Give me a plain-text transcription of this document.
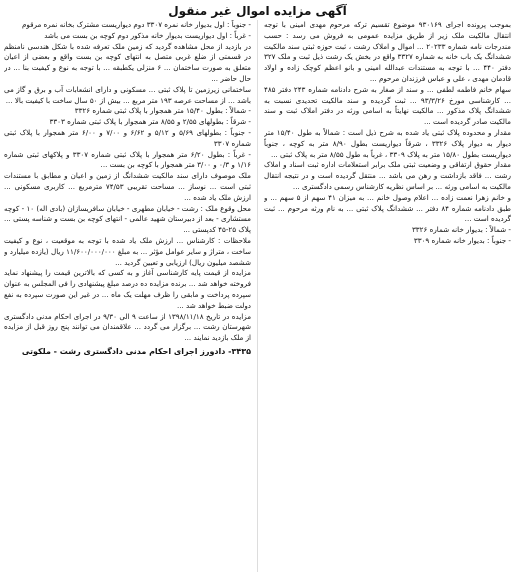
آگهی مزایده اموال غیر منقول

بموجب پرونده اجرای ۹۳۰۱۶۹ موضوع تقسیم ترکه مرحوم مهدی امینی با توجه انتقال مالکیت ملک زیر از طریق مزایده عمومی به فروش می رسد : حسب مندرجات نامه شماره ۲۰۲۳۳ ... اموال و املاک رشت ، ثبت حوزه ثبتی سند مالکیت ششدانگ یک باب خانه به شماره ۳۳۲۷ واقع در بخش یک رشت ذیل ثبت و ملک ۳۲۷ دفتر ۴۴۰ ... با توجه به مستندات عبدالله امینی و بانو اعظم کوچک زاده و اولاد قادمان مهدی ، علی و عباس فرزندان مرحوم ...

سهام خانم فاطمه لطفی ... و سند از صغار به شرح دادنامه شماره ۲۴۳ دفتر ۴۸۵ ... کارشناسی مورخ ۹۳/۳/۲۶ ... ثبت گردیده و سند مالکیت تحدیدی نسبت به ششدانگ پلاک مذکور ... مالکیت نهایتاً به اسامی ورثه در دفتر املاک ثبت و سند مالکیت صادر گردیده است ...

مقدار و محدوده پلاک ثبتی یاد شده به شرح ذیل است : شمالاً به طول ۱۵/۴۰ متر دیوار به دیوار پلاک ۳۳۲۶ ، شرقاً دیواریست بطول ۸/۹۰ متر به کوچه ، جنوباً دیواریست بطول ۱۵/۸۰ متر به پلاک ۳۳۰۹ ، غرباً به طول ۸/۵۵ متر به پلاک ثبتی ...

مقدار حقوق ارتفاقی و وضعیت ثبتی ملک برابر استعلامات اداره ثبت اسناد و املاک رشت ... فاقد بازداشت و رهن می باشد ... منتقل گردیده است و در نتیجه انتقال مالکیت به اسامی ورثه ... بر اساس نظریه کارشناس رسمی دادگستری ...

و خانم زهرا نعمت زاده ... اعلام وصول خانم ... به میزان ۴۱ سهم از ۵ سهم ... و طبق دادنامه شماره ۸۴ دفتر ... ششدانگ پلاک ثبتی ... به نام ورثه مرحوم ... ثبت گردیده است ...

- شمالاً : بدیوار خانه شماره ۳۳۲۶

- جنوباً : بدیوار خانه شماره ۳۳۰۹

- جنوباً : اول بدیوار خانه نمره ۳۳۰۷ دوم دیواریست مشترک بخانه نمره مرقوم

- غرباً : اول دیواریست بدیوار خانه مذکور دوم کوچه بن بست می باشد

در بازدید از محل مشاهده گردید که زمین ملک تعرفه شده با شکل هندسی نامنظم در قسمتی از ضلع غربی متصل به انتهای کوچه بن بست واقع و بعضی از اعیان متعلق به صورت ساختمان ... ۶ منزلی یکطبقه ... با توجه به نوع و کیفیت بنا ... در حال حاضر ...

ساختمانی زیرزمین تا پلاک ثبتی ... مسکونی و دارای انشعابات آب و برق و گاز می باشد ... از مساحت عرصه ۱۹۳ متر مربع ... بیش از ۵۰ سال ساخت با کیفیت بالا ...

- شمالاً : بطول ۱۵/۴۰ متر همجوار با پلاک ثبتی شماره ۳۳۲۶

- شرقاً : بطولهای ۲/۵۵ و ۸/۵۵ متر همجوار با پلاک ثبتی شماره ۳۳۰۳

- جنوباً : بطولهای ۵/۶۹ و ۵/۱۲ و ۶/۶۲ و ۷/۰۰ و ۶/۰۰ متر همجوار با پلاک ثبتی شماره ۳۳۰۷

- غرباً : بطول ۶/۲۰ متر همجوار با پلاک ثبتی شماره ۳۳۰۷ و پلاکهای ثبتی شماره ۱/۱۶ و ۰/۳ و ۳/۰۰ متر همجوار با کوچه بن بست ...

ملک موصوف دارای سند مالکیت ششدانگ از زمین و اعیان و مطابق با مستندات ثبتی است ... نوساز ... مساحت تقریبی ۷۴/۵۳ مترمربع ... کاربری مسکونی ... ارزش ملک یاد شده ...

محل وقوع ملک : رشت - خیابان مطهری - خیابان سافریسازان (بادی اله) ۱۰ - کوچه مستشاری - بعد از دبیرستان شهید عالمی - انتهای کوچه بن بست و شناسه پستی ... پلاک ۲۵-۴۵ کدپستی ...

ملاحظات : کارشناس ... ارزش ملک یاد شده با توجه به موقعیت ، نوع و کیفیت ساخت ، متراژ و سایر عوامل مؤثر ... به مبلغ ۱۱/۶۰۰/۰۰۰/۰۰۰ ریال (یازده میلیارد و ششصد میلیون ریال) ارزیابی و تعیین گردید ...

مزایده از قیمت پایه کارشناسی آغاز و به کسی که بالاترین قیمت را پیشنهاد نماید فروخته خواهد شد ... برنده مزایده ده درصد مبلغ پیشنهادی را فی المجلس به عنوان سپرده پرداخت و مابقی را ظرف مهلت یک ماه ... در غیر این صورت سپرده به نفع دولت ضبط خواهد شد ...

مزایده در تاریخ ۱۳۹۸/۱۱/۱۸ از ساعت ۹ الی ۹/۳۰ در اجرای احکام مدنی دادگستری شهرستان رشت ... برگزار می گردد ... علاقمندان می توانند پنج روز قبل از مزایده از ملک بازدید نمایند ...

۳۴۳۵- دادورز اجرای احکام مدنی دادگستری رشت - ملکوتی
